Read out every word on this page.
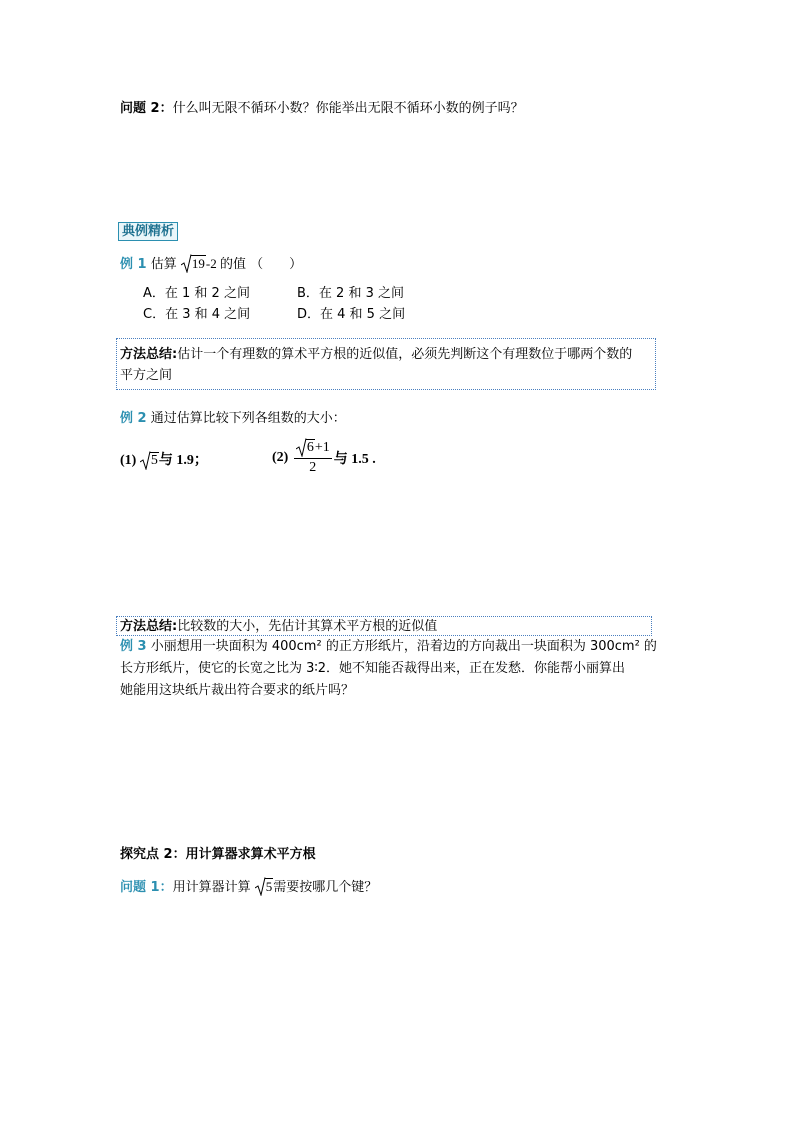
问题 2：什么叫无限不循环小数？你能举出无限不循环小数的例子吗？
典例精析
例 1 估算 19-2 的值 （　　）
A．在 1 和 2 之间	B．在 2 和 3 之间
C．在 3 和 4 之间	D．在 4 和 5 之间
方法总结:估计一个有理数的算术平方根的近似值，必须先判断这个有理数位于哪两个数的
平方之间
例 2 通过估算比较下列各组数的大小：
(1) 5与 1.9；	$(2) \frac{6+1}{2}$ 与 1.5 .
方法总结:比较数的大小，先估计其算术平方根的近似值
例 3 小丽想用一块面积为 400cm² 的正方形纸片，沿着边的方向裁出一块面积为 300cm² 的
长方形纸片，使它的长宽之比为 3∶2．她不知能否裁得出来，正在发愁．你能帮小丽算出
她能用这块纸片裁出符合要求的纸片吗？
探究点 2：用计算器求算术平方根
问题 1：用计算器计算 5需要按哪几个键？
